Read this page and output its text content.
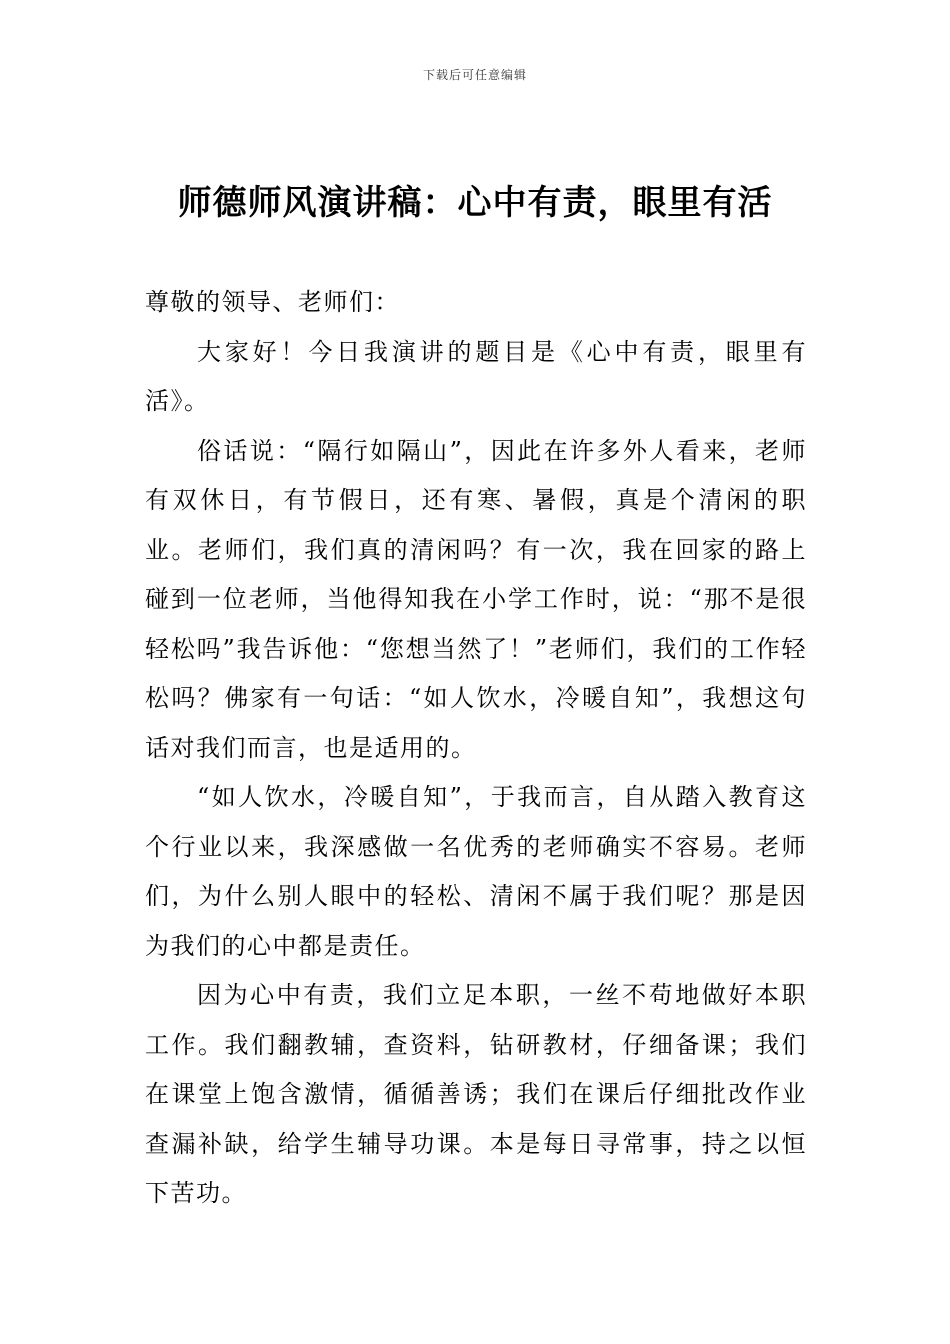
下载后可任意编辑
师德师风演讲稿：心中有责，眼里有活

尊敬的领导、老师们：

大家好！今日我演讲的题目是《心中有责，眼里有活》。

俗话说：“隔行如隔山”，因此在许多外人看来，老师有双休日，有节假日，还有寒、暑假，真是个清闲的职业。老师们，我们真的清闲吗？有一次，我在回家的路上碰到一位老师，当他得知我在小学工作时，说：“那不是很轻松吗”我告诉他：“您想当然了！”老师们，我们的工作轻松吗？佛家有一句话：“如人饮水，冷暖自知”，我想这句话对我们而言，也是适用的。

“如人饮水，冷暖自知”，于我而言，自从踏入教育这个行业以来，我深感做一名优秀的老师确实不容易。老师们，为什么别人眼中的轻松、清闲不属于我们呢？那是因为我们的心中都是责任。

因为心中有责，我们立足本职，一丝不苟地做好本职工作。我们翻教辅，查资料，钻研教材，仔细备课；我们在课堂上饱含激情，循循善诱；我们在课后仔细批改作业查漏补缺，给学生辅导功课。本是每日寻常事，持之以恒下苦功。
